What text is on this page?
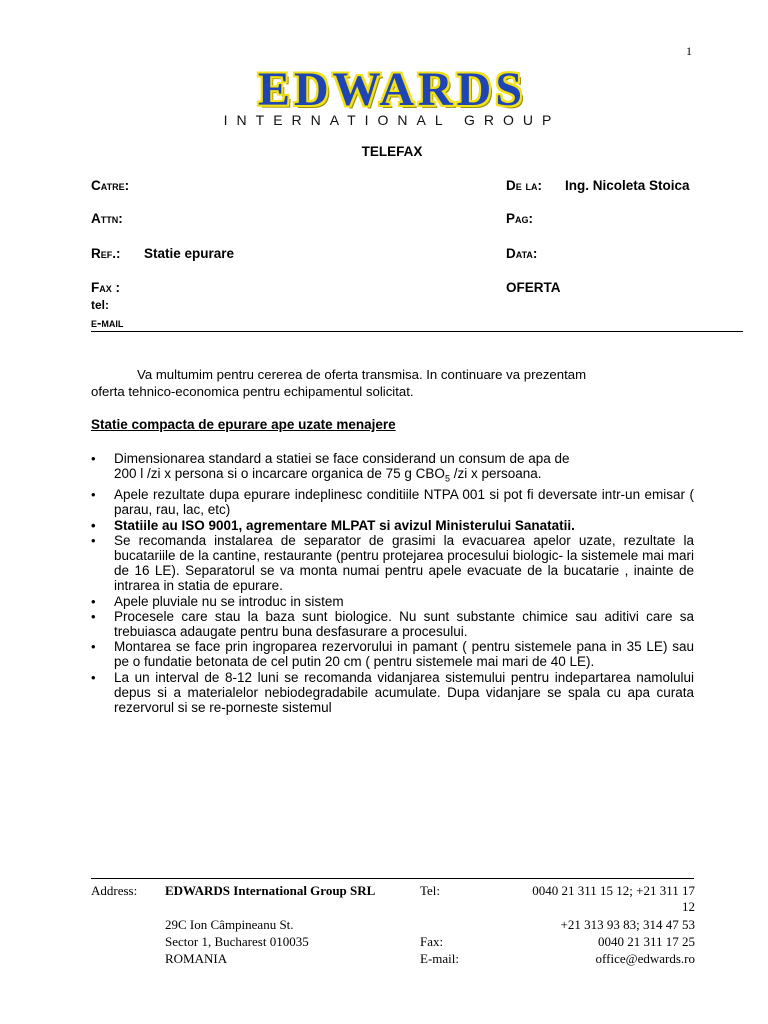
1
EDWARDS
INTERNATIONAL GROUP
TELEFAX
Catre:	De la: Ing. Nicoleta Stoica
Attn:	Pag:
Ref.: Statie epurare	Data:
Fax :	OFERTA
tel:
e-mail
Va multumim pentru cererea de oferta transmisa. In continuare va prezentam
oferta tehnico-economica pentru echipamentul solicitat.
Statie compacta de epurare ape uzate menajere
• Dimensionarea standard a statiei se face considerand un consum de apa de
200 l /zi x persona si o incarcare organica de 75 g $CBO_5$ /zi x persoana.
• Apele rezultate dupa epurare indeplinesc conditiile NTPA 001 si pot fi deversate intr-un emisar ( parau, rau, lac, etc)
• Statiile au ISO 9001, agrementare MLPAT si avizul Ministerului Sanatatii.
• Se recomanda instalarea de separator de grasimi la evacuarea apelor uzate, rezultate la bucatariile de la cantine, restaurante (pentru protejarea procesului biologic- la sistemele mai mari de 16 LE). Separatorul se va monta numai pentru apele evacuate de la bucatarie , inainte de intrarea in statia de epurare.
• Apele pluviale nu se introduc in sistem
• Procesele care stau la baza sunt biologice. Nu sunt substante chimice sau aditivi care sa trebuiasca adaugate pentru buna desfasurare a procesului.
• Montarea se face prin ingroparea rezervorului in pamant ( pentru sistemele pana in 35 LE) sau pe o fundatie betonata de cel putin 20 cm ( pentru sistemele mai mari de 40 LE).
• La un interval de 8-12 luni se recomanda vidanjarea sistemului pentru indepartarea namolului depus si a materialelor nebiodegradabile acumulate. Dupa vidanjare se spala cu apa curata rezervorul si se re-porneste sistemul
Address: EDWARDS International Group SRL	Tel:	0040 21 311 15 12; +21 311 17
12
29C Ion Câmpineanu St.	+21 313 93 83; 314 47 53
Sector 1, Bucharest 010035	Fax:	0040 21 311 17 25
ROMANIA	E-mail:	office@edwards.ro
